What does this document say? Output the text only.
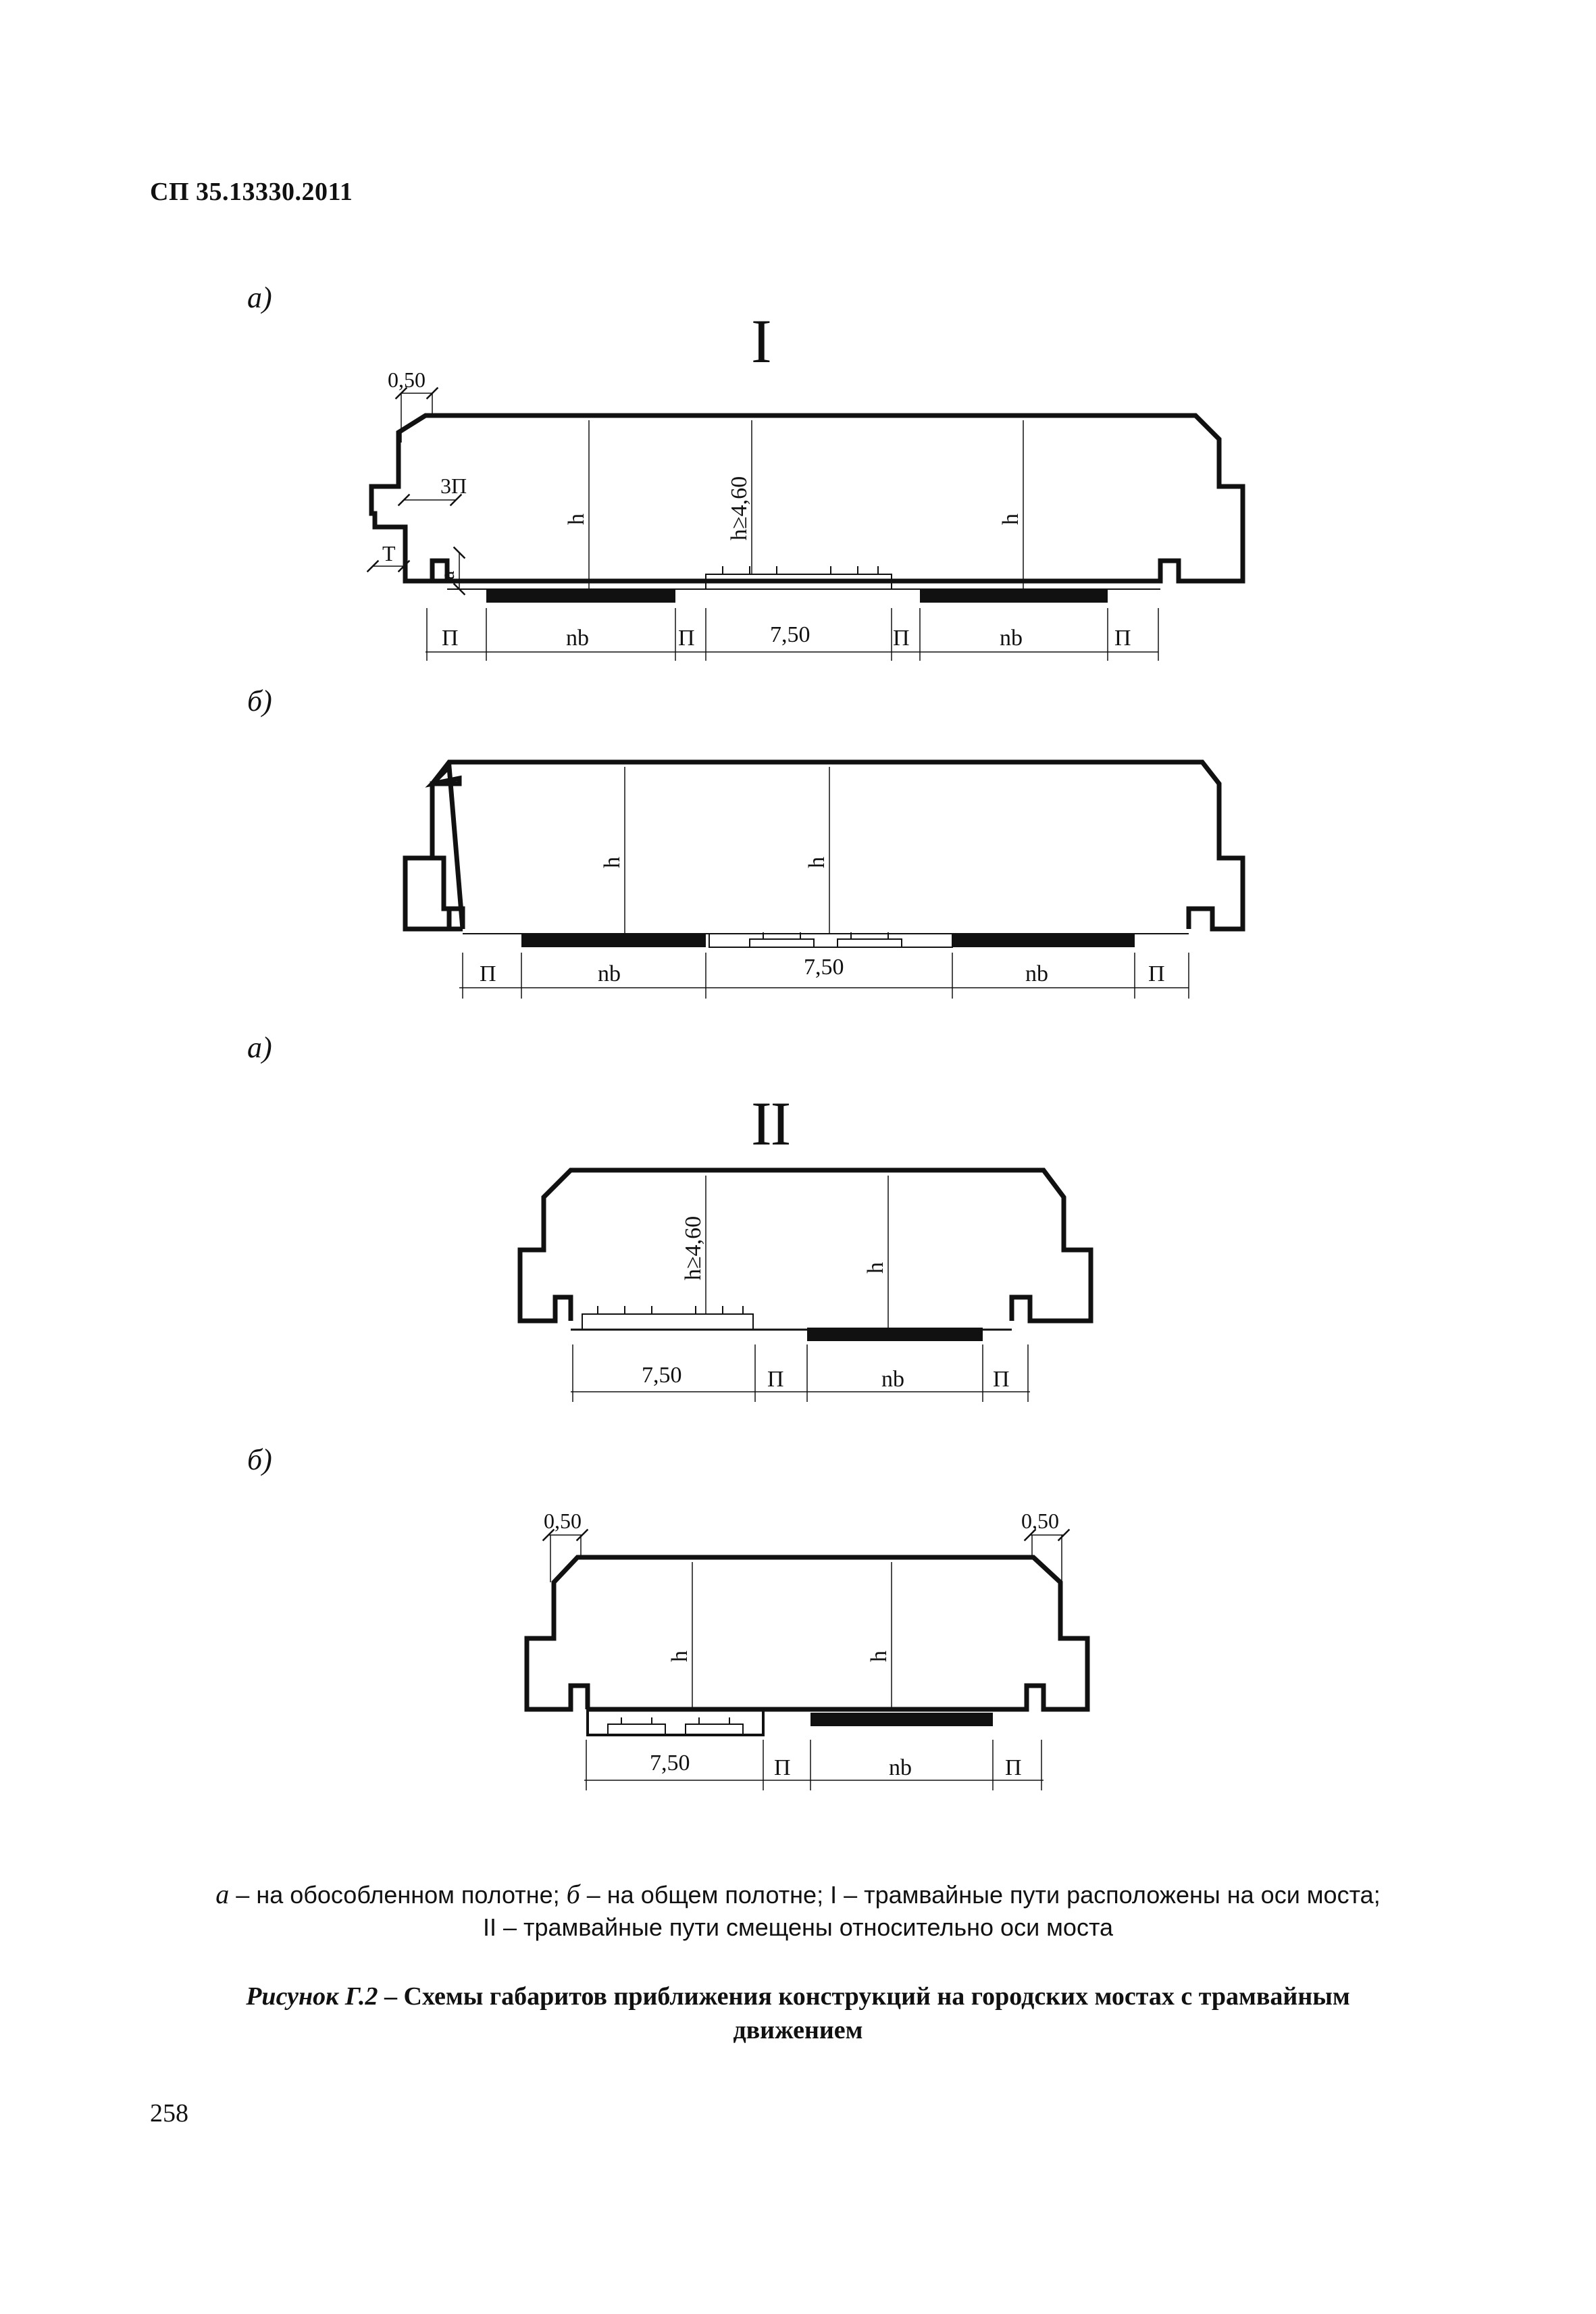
СП 35.13330.2011
а)
I
б)
а)
II
б)
h	h≥4,60	h
0,50
3П
Т
а
П	nb	П	7,50	П	nb	П
h	h
П	nb	7,50	nb	П
h≥4,60	h
7,50	П	nb	П
h	h
0,50	0,50
7,50	П	nb	П
а – на обособленном полотне; б – на общем полотне; I – трамвайные пути расположены на оси моста;
II – трамвайные пути смещены относительно оси моста
Рисунок Г.2 – Схемы габаритов приближения конструкций на городских мостах с трамвайным
движением
258
